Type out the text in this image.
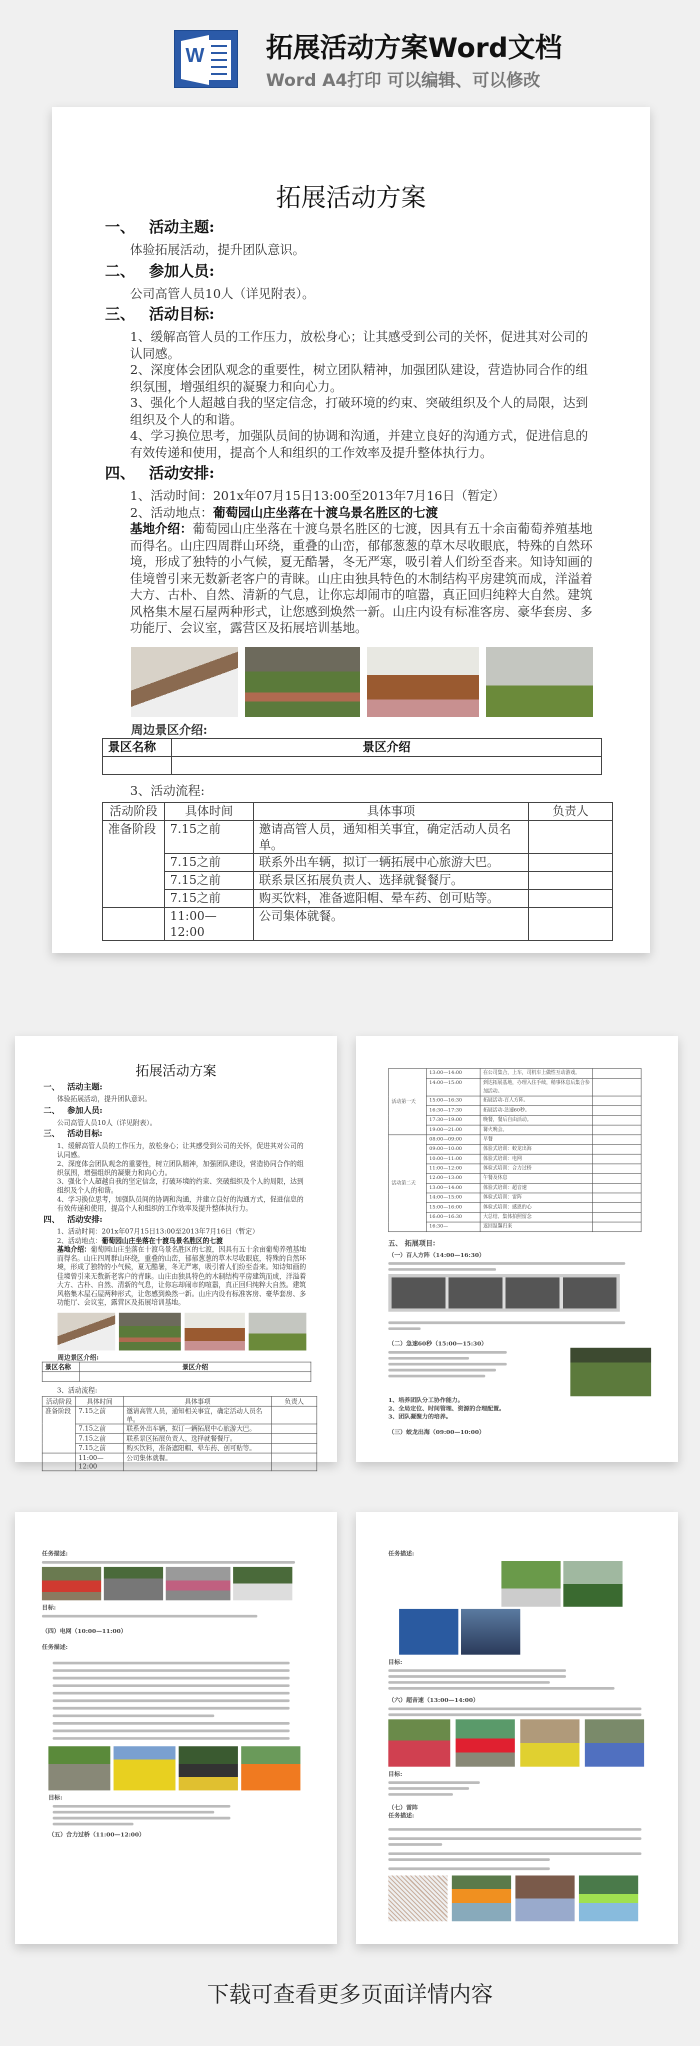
W 拓展活动方案Word文档
Word A4打印 可以编辑、可以修改
拓展活动方案
一、 活动主题:
体验拓展活动，提升团队意识。
二、 参加人员:
公司高管人员10人（详见附表）。
三、 活动目标:
1、缓解高管人员的工作压力，放松身心；让其感受到公司的关怀，促进其对公司的认同感。
2、深度体会团队观念的重要性，树立团队精神，加强团队建设，营造协同合作的组织氛围，增强组织的凝聚力和向心力。
3、强化个人超越自我的坚定信念，打破环境的约束、突破组织及个人的局限，达到组织及个人的和谐。
4、学习换位思考，加强队员间的协调和沟通，并建立良好的沟通方式，促进信息的有效传递和使用，提高个人和组织的工作效率及提升整体执行力。
四、 活动安排:
1、活动时间：201x年07月15日13:00至2013年7月16日（暂定）
2、活动地点：葡萄园山庄坐落在十渡乌景名胜区的七渡
基地介绍：葡萄园山庄坐落在十渡乌景名胜区的七渡，因具有五十余亩葡萄养殖基地而得名。山庄四周群山环绕，重叠的山峦，郁郁葱葱的草木尽收眼底，特殊的自然环境，形成了独特的小气候，夏无酷暑，冬无严寒，吸引着人们纷至沓来。知诗知画的佳境曾引来无数新老客户的青睐。山庄由独具特色的木制结构平房建筑而成，洋溢着大方、古朴、自然、清新的气息，让你忘却闹市的喧嚣，真正回归纯粹大自然。建筑风格集木屋石屋两种形式，让您感到焕然一新。山庄内设有标准客房、豪华套房、多功能厅、会议室，露营区及拓展培训基地。
周边景区介绍:
景区名称	景区介绍

3、活动流程:
活动阶段	具体时间	具体事项	负责人
准备阶段	7.15之前	邀请高管人员，通知相关事宜，确定活动人员名单。	
	7.15之前	联系外出车辆，拟订一辆拓展中心旅游大巴。	
	7.15之前	联系景区拓展负责人、选择就餐餐厅。	
	7.15之前	购买饮料，准备遮阳帽、晕车药、创可贴等。	
	11:00—12:00	公司集体就餐。	
拓展活动方案
一、 活动主题:
体验拓展活动，提升团队意识。
二、 参加人员:
公司高管人员10人（详见附表）。
三、 活动目标:
1、缓解高管人员的工作压力，放松身心；让其感受到公司的关怀，促进其对公司的认同感。
2、深度体会团队观念的重要性，树立团队精神，加强团队建设，营造协同合作的组织氛围，增强组织的凝聚力和向心力。
3、强化个人超越自我的坚定信念，打破环境的约束、突破组织及个人的局限，达到组织及个人的和谐。
4、学习换位思考，加强队员间的协调和沟通，并建立良好的沟通方式，促进信息的有效传递和使用，提高个人和组织的工作效率及提升整体执行力。
四、 活动安排:
1、活动时间：201x年07月15日13:00至2013年7月16日（暂定）
2、活动地点：葡萄园山庄坐落在十渡乌景名胜区的七渡
基地介绍：葡萄园山庄坐落在十渡乌景名胜区的七渡，因具有五十余亩葡萄养殖基地而得名。山庄四周群山环绕，重叠的山峦，郁郁葱葱的草木尽收眼底，特殊的自然环境，形成了独特的小气候，夏无酷暑，冬无严寒，吸引着人们纷至沓来。知诗知画的佳境曾引来无数新老客户的青睐。山庄由独具特色的木制结构平房建筑而成，洋溢着大方、古朴、自然、清新的气息，让你忘却闹市的喧嚣，真正回归纯粹大自然。建筑风格集木屋石屋两种形式，让您感到焕然一新。山庄内设有标准客房、豪华套房、多功能厅、会议室，露营区及拓展培训基地。
周边景区介绍:
景区名称	景区介绍

3、活动流程:
活动阶段	具体时间	具体事项	负责人
准备阶段	7.15之前	邀请高管人员，通知相关事宜，确定活动人员名单。	
	7.15之前	联系外出车辆，拟订一辆拓展中心旅游大巴。	
	7.15之前	联系景区拓展负责人、选择就餐餐厅。	
	7.15之前	购买饮料，准备遮阳帽、晕车药、创可贴等。	
	11:00—12:00	公司集体就餐。	
活动第一天	13:00—14:00	在公司集合，上车，司机车上做性互动游戏。	
	14:00—15:00	到达拓展基地，办理入住手续，稍事休息后集合参加活动。	
	15:00—16:30	拓展活动-百人方阵。	
	16:30—17:30	拓展活动-急速60秒。	
	17:30—19:00	晚餐，餐后自由活动。	
	19:00—21:00	篝火晚会。	
活动第二天	08:00—09:00	早餐	
	09:00—10:00	体验式培训：蛟龙出海	
	10:00—11:00	体验式培训：电网	
	11:00—12:00	体验式培训：合力过桥	
	12:00—13:00	午餐及休息	
	13:00—14:00	体验式培训：超音速	
	14:00—15:00	体验式培训：雷阵	
	15:00—16:00	体验式培训：感恩的心	
	16:00—16:30	大总结、集体拍照留念	
	16:30—	返回温馨归来	
五、 拓展项目:
（一）百人方阵（14:00—16:30）
（二）急速60秒（15:00—15:30）
1、培养团队分工协作能力。
2、全局定位、时间管理、资源的合理配置。
3、团队凝聚力的培养。
（三）蛟龙出海（09:00—10:00）
任务描述:
目标:
（四）电网（10:00—11:00）
任务描述:
目标:
（五）合力过桥（11:00—12:00）
任务描述:
目标:
（六）超音速（13:00—14:00）
目标:
（七）雷阵
任务描述:
下载可查看更多页面详情内容
